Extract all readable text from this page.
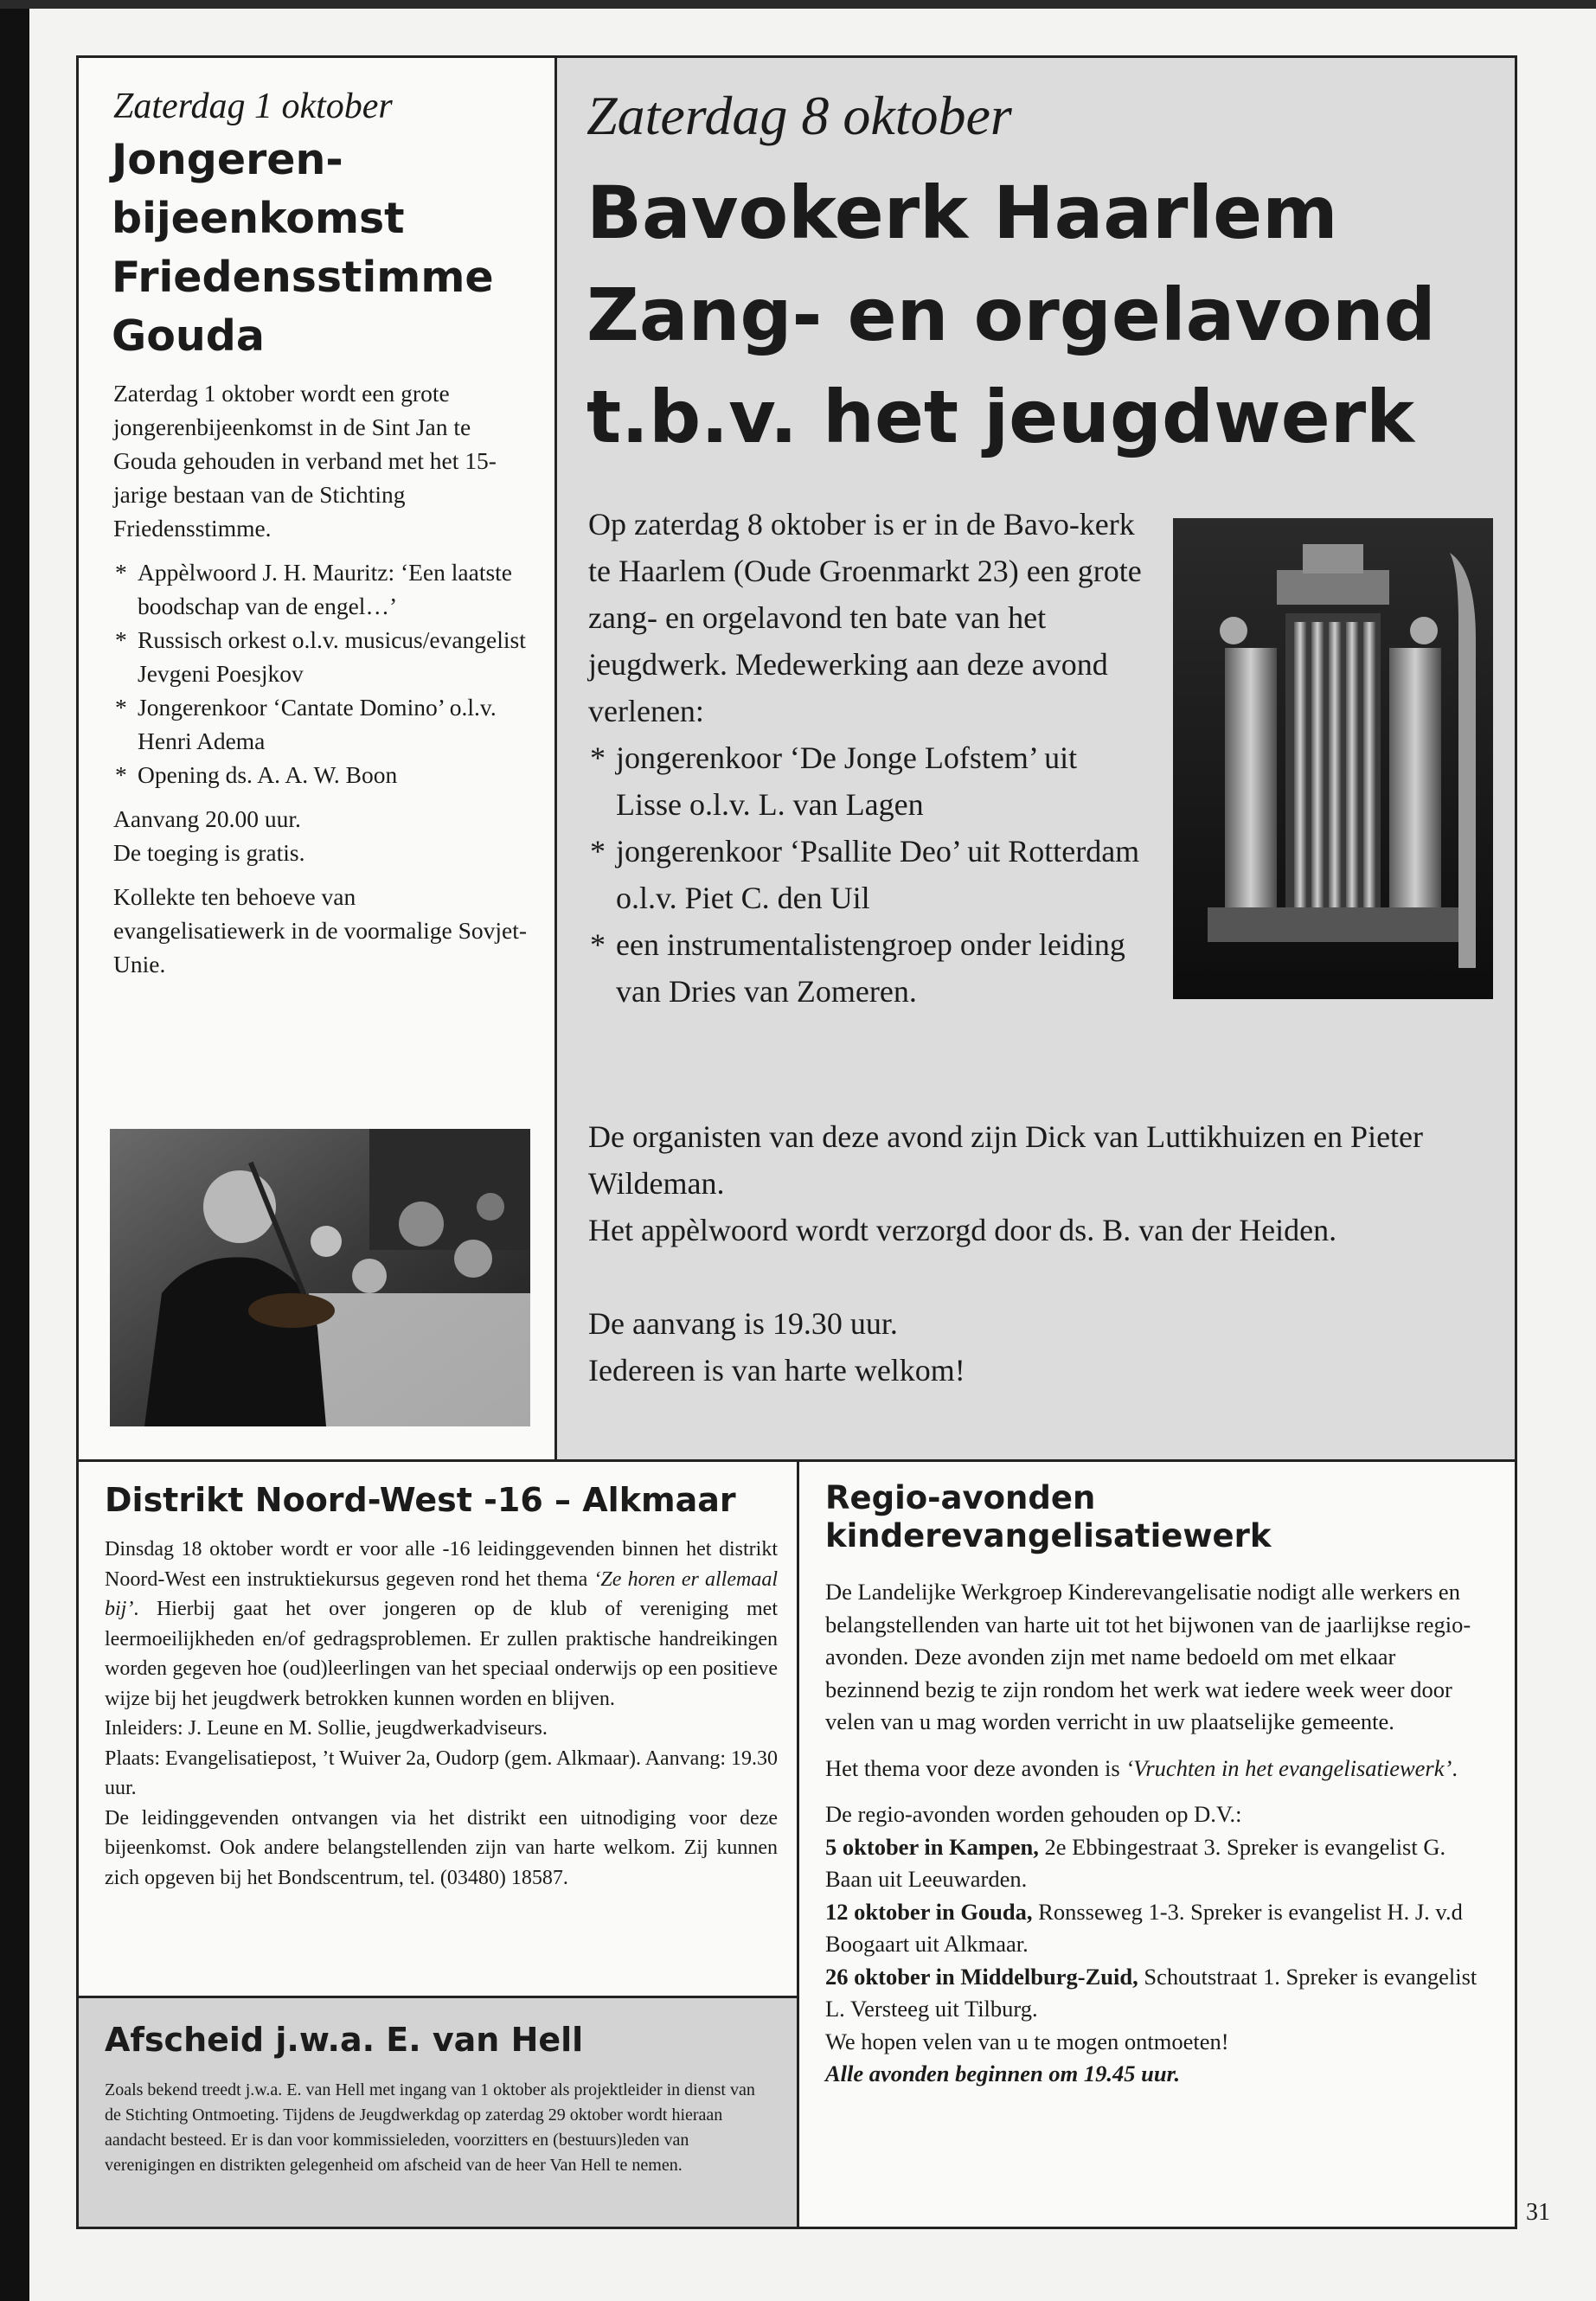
Zaterdag 1 oktober
Jongeren-
bijeenkomst
Friedensstimme
Gouda

Zaterdag 1 oktober wordt een grote jongerenbijeenkomst in de Sint Jan te Gouda gehouden in verband met het 15-jarige bestaan van de Stichting Friedensstimme.

* Appèlwoord J. H. Mauritz: ‘Een laatste boodschap van de engel…’
* Russisch orkest o.l.v. musicus/evangelist Jevgeni Poesjkov
* Jongerenkoor ‘Cantate Domino’ o.l.v. Henri Adema
* Opening ds. A. A. W. Boon

Aanvang 20.00 uur.
De toeging is gratis.

Kollekte ten behoeve van evangelisatiewerk in de voormalige Sovjet-Unie.

Zaterdag 8 oktober
Bavokerk Haarlem
Zang- en orgelavond
t.b.v. het jeugdwerk

Op zaterdag 8 oktober is er in de Bavo-kerk te Haarlem (Oude Groenmarkt 23) een grote zang- en orgelavond ten bate van het jeugdwerk. Medewerking aan deze avond verlenen:

* jongerenkoor ‘De Jonge Lofstem’ uit Lisse o.l.v. L. van Lagen
* jongerenkoor ‘Psallite Deo’ uit Rotterdam o.l.v. Piet C. den Uil
* een instrumentalistengroep onder leiding van Dries van Zomeren.

De organisten van deze avond zijn Dick van Luttikhuizen en Pieter Wildeman.
Het appèlwoord wordt verzorgd door ds. B. van der Heiden.

De aanvang is 19.30 uur.
Iedereen is van harte welkom!

Distrikt Noord-West -16 – Alkmaar

Dinsdag 18 oktober wordt er voor alle -16 leidinggevenden binnen het distrikt Noord-West een instruktiekursus gegeven rond het thema ‘Ze horen er allemaal bij’. Hierbij gaat het over jongeren op de klub of vereniging met leermoeilijkheden en/of gedragsproblemen. Er zullen praktische handreikingen worden gegeven hoe (oud)leerlingen van het speciaal onderwijs op een positieve wijze bij het jeugdwerk betrokken kunnen worden en blijven.

Inleiders: J. Leune en M. Sollie, jeugdwerkadviseurs.

Plaats: Evangelisatiepost, ’t Wuiver 2a, Oudorp (gem. Alkmaar). Aanvang: 19.30 uur.

De leidinggevenden ontvangen via het distrikt een uitnodiging voor deze bijeenkomst. Ook andere belangstellenden zijn van harte welkom. Zij kunnen zich opgeven bij het Bondscentrum, tel. (03480) 18587.

Afscheid j.w.a. E. van Hell
Zoals bekend treedt j.w.a. E. van Hell met ingang van 1 oktober als projektleider in dienst van de Stichting Ontmoeting. Tijdens de Jeugdwerkdag op zaterdag 29 oktober wordt hieraan aandacht besteed. Er is dan voor kommissieleden, voorzitters en (bestuurs)leden van verenigingen en distrikten gelegenheid om afscheid van de heer Van Hell te nemen.
Regio-avonden kinderevangelisatiewerk

De Landelijke Werkgroep Kinderevangelisatie nodigt alle werkers en belangstellenden van harte uit tot het bijwonen van de jaarlijkse regio-avonden. Deze avonden zijn met name bedoeld om met elkaar bezinnend bezig te zijn rondom het werk wat iedere week weer door velen van u mag worden verricht in uw plaatselijke gemeente.

Het thema voor deze avonden is ‘Vruchten in het evangelisatiewerk’.

De regio-avonden worden gehouden op D.V.:
5 oktober in Kampen, 2e Ebbingestraat 3. Spreker is evangelist G. Baan uit Leeuwarden.
12 oktober in Gouda, Ronsseweg 1-3. Spreker is evangelist H. J. v.d Boogaart uit Alkmaar.
26 oktober in Middelburg-Zuid, Schoutstraat 1. Spreker is evangelist L. Versteeg uit Tilburg.
We hopen velen van u te mogen ontmoeten!
Alle avonden beginnen om 19.45 uur.

31
